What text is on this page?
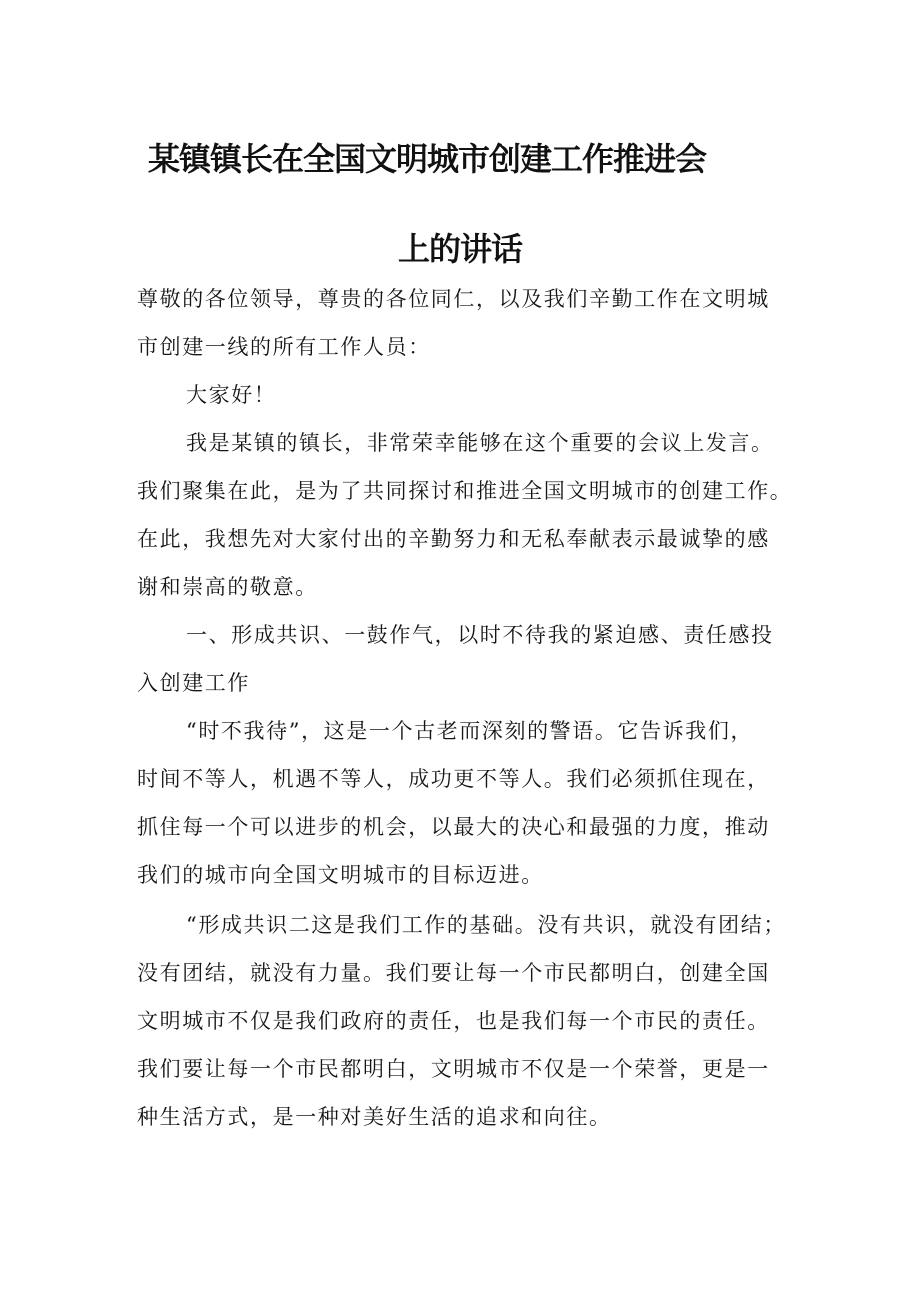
某镇镇长在全国文明城市创建工作推进会
上的讲话
尊敬的各位领导，尊贵的各位同仁，以及我们辛勤工作在文明城
市创建一线的所有工作人员：
大家好！
我是某镇的镇长，非常荣幸能够在这个重要的会议上发言。
我们聚集在此，是为了共同探讨和推进全国文明城市的创建工作。
在此，我想先对大家付出的辛勤努力和无私奉献表示最诚挚的感
谢和崇高的敬意。
一、形成共识、一鼓作气，以时不待我的紧迫感、责任感投
入创建工作
“时不我待”，这是一个古老而深刻的警语。它告诉我们，
时间不等人，机遇不等人，成功更不等人。我们必须抓住现在，
抓住每一个可以进步的机会，以最大的决心和最强的力度，推动
我们的城市向全国文明城市的目标迈进。
“形成共识二这是我们工作的基础。没有共识，就没有团结；
没有团结，就没有力量。我们要让每一个市民都明白，创建全国
文明城市不仅是我们政府的责任，也是我们每一个市民的责任。
我们要让每一个市民都明白，文明城市不仅是一个荣誉，更是一
种生活方式，是一种对美好生活的追求和向往。
